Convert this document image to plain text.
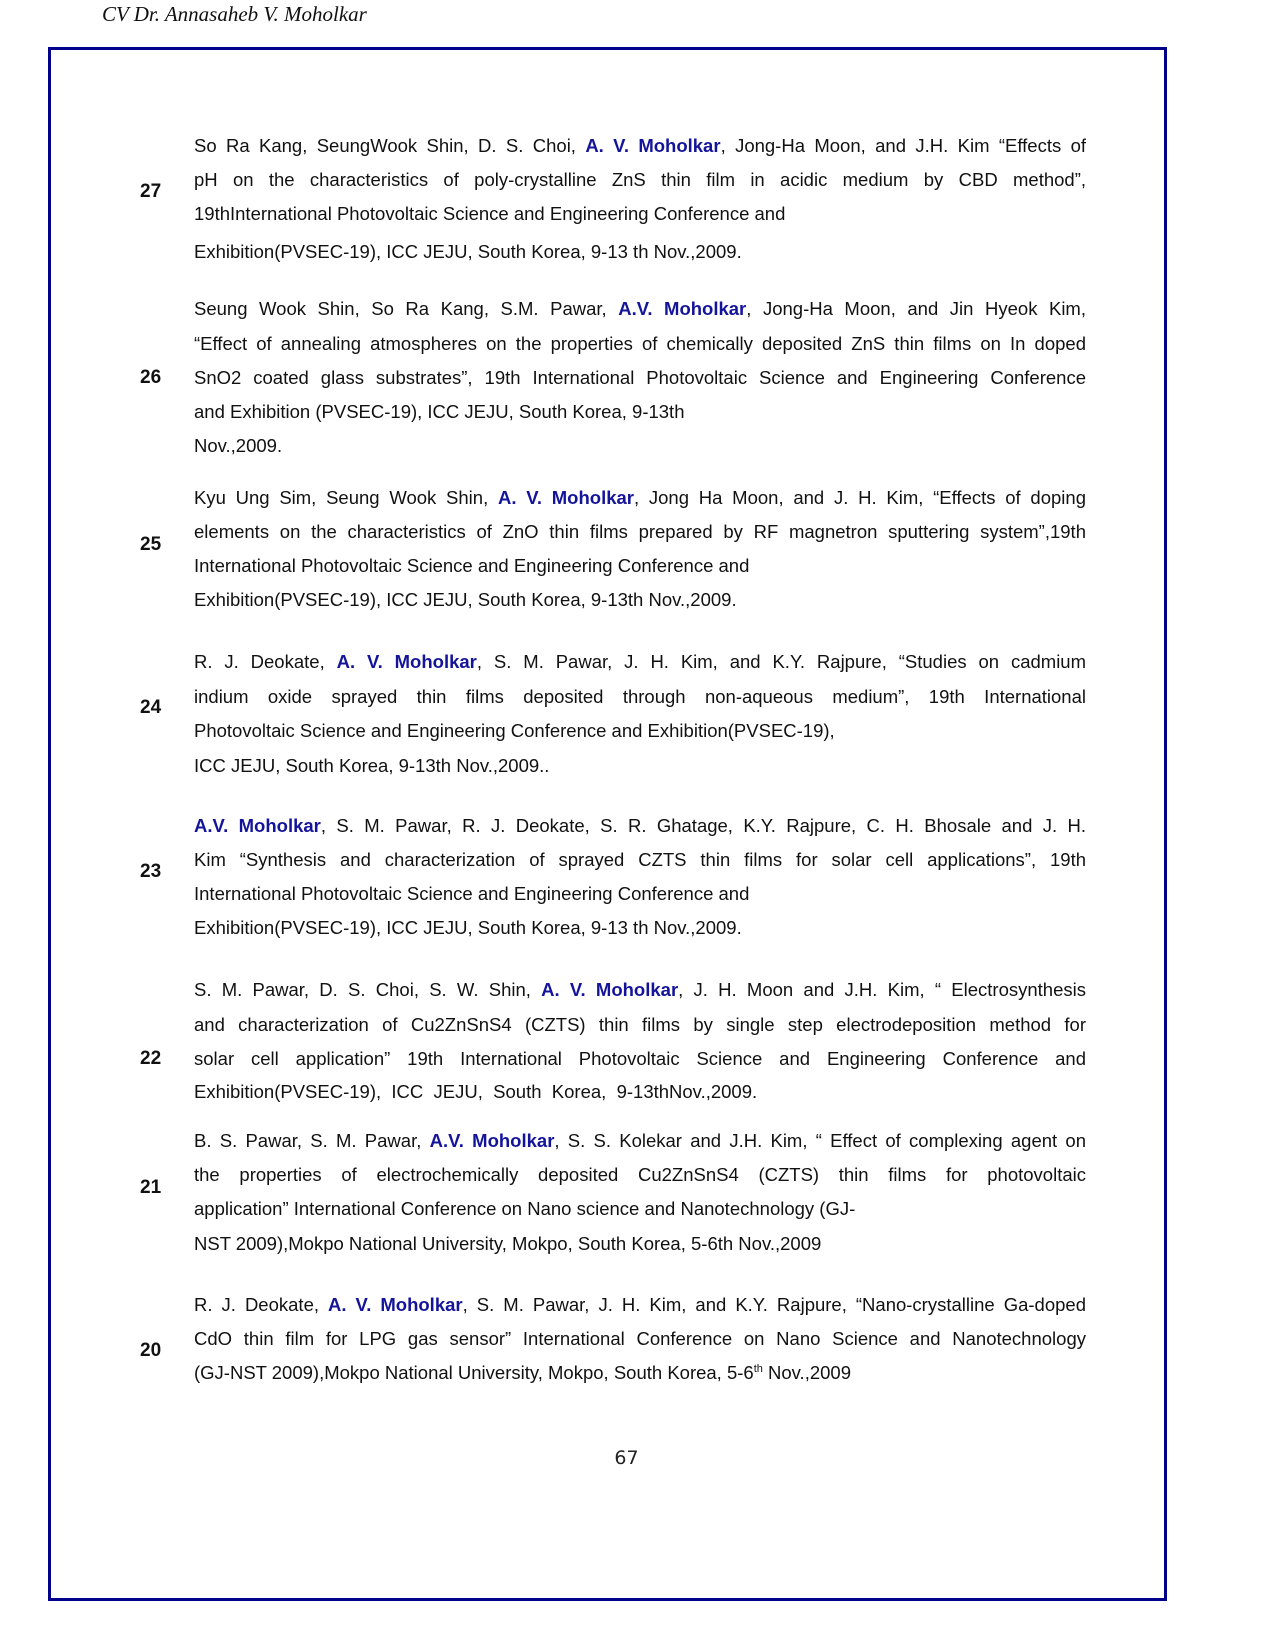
CV Dr. Annasaheb V. Moholkar
27
So Ra Kang, SeungWook Shin, D. S. Choi, A. V. Moholkar, Jong-Ha Moon, and J.H. Kim “Effects of
pH on the characteristics of poly-crystalline ZnS thin film in acidic medium by CBD method”,
19thInternational Photovoltaic Science and Engineering Conference and
Exhibition(PVSEC-19), ICC JEJU, South Korea, 9-13 th Nov.,2009.
26
Seung Wook Shin, So Ra Kang, S.M. Pawar, A.V. Moholkar, Jong-Ha Moon, and Jin Hyeok Kim,
“Effect of annealing atmospheres on the properties of chemically deposited ZnS thin films on In doped
SnO2 coated glass substrates”, 19th International Photovoltaic Science and Engineering Conference
and Exhibition (PVSEC-19), ICC JEJU, South Korea, 9-13th
Nov.,2009.
25
Kyu Ung Sim, Seung Wook Shin, A. V. Moholkar, Jong Ha Moon, and J. H. Kim, “Effects of doping
elements on the characteristics of ZnO thin films prepared by RF magnetron sputtering system”,19th
International Photovoltaic Science and Engineering Conference and
Exhibition(PVSEC-19), ICC JEJU, South Korea, 9-13th Nov.,2009.
24
R. J. Deokate, A. V. Moholkar, S. M. Pawar, J. H. Kim, and K.Y. Rajpure, “Studies on cadmium
indium oxide sprayed thin films deposited through non-aqueous medium”, 19th International
Photovoltaic Science and Engineering Conference and Exhibition(PVSEC-19),
ICC JEJU, South Korea, 9-13th Nov.,2009..
23
A.V. Moholkar, S. M. Pawar, R. J. Deokate, S. R. Ghatage, K.Y. Rajpure, C. H. Bhosale and J. H.
Kim “Synthesis and characterization of sprayed CZTS thin films for solar cell applications”, 19th
International Photovoltaic Science and Engineering Conference and
Exhibition(PVSEC-19), ICC JEJU, South Korea, 9-13 th Nov.,2009.
22
S. M. Pawar, D. S. Choi, S. W. Shin, A. V. Moholkar, J. H. Moon and J.H. Kim, “ Electrosynthesis
and characterization of Cu2ZnSnS4 (CZTS) thin films by single step electrodeposition method for
solar cell application” 19th International Photovoltaic Science and Engineering Conference and
Exhibition(PVSEC-19),  ICC  JEJU,  South  Korea,  9-13thNov.,2009.
21
B. S. Pawar, S. M. Pawar, A.V. Moholkar, S. S. Kolekar and J.H. Kim, “ Effect of complexing agent on
the properties of electrochemically deposited Cu2ZnSnS4 (CZTS) thin films for photovoltaic
application” International Conference on Nano science and Nanotechnology (GJ-
NST 2009),Mokpo National University, Mokpo, South Korea, 5-6th Nov.,2009
20
R. J. Deokate, A. V. Moholkar, S. M. Pawar, J. H. Kim, and K.Y. Rajpure, “Nano-crystalline Ga-doped
CdO thin film for LPG gas sensor” International Conference on Nano Science and Nanotechnology
(GJ-NST 2009),Mokpo National University, Mokpo, South Korea, 5-6th Nov.,2009
67
